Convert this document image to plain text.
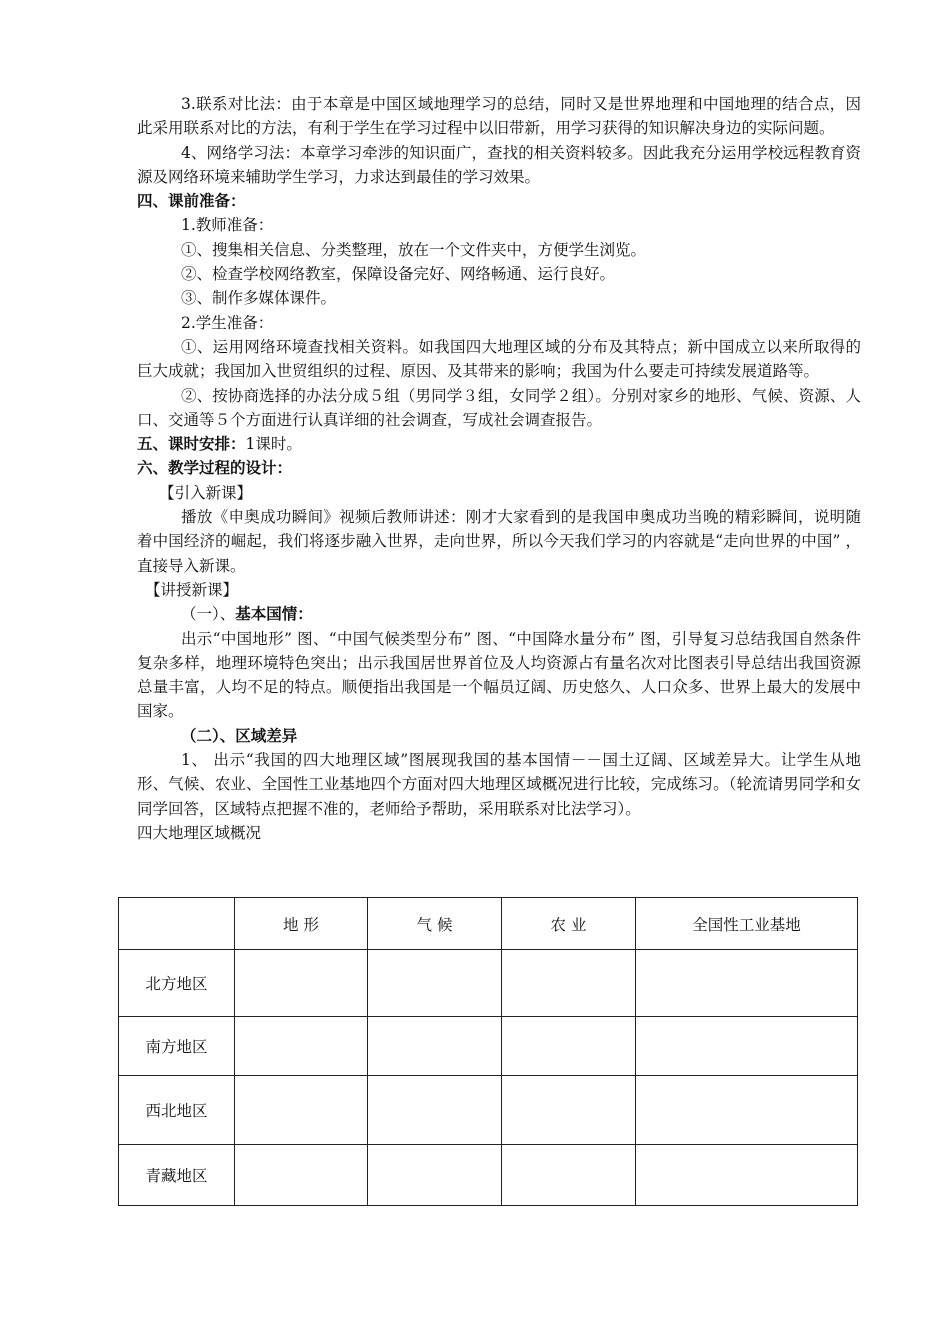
3.联系对比法：由于本章是中国区域地理学习的总结，同时又是世界地理和中国地理的结合点，因此采用联系对比的方法，有利于学生在学习过程中以旧带新，用学习获得的知识解决身边的实际问题。

4、网络学习法：本章学习牵涉的知识面广，查找的相关资料较多。因此我充分运用学校远程教育资源及网络环境来辅助学生学习，力求达到最佳的学习效果。

四、课前准备：

1.教师准备：

①、搜集相关信息、分类整理，放在一个文件夹中，方便学生浏览。

②、检查学校网络教室，保障设备完好、网络畅通、运行良好。

③、制作多媒体课件。

2.学生准备：

①、运用网络环境查找相关资料。如我国四大地理区域的分布及其特点；新中国成立以来所取得的巨大成就；我国加入世贸组织的过程、原因、及其带来的影响；我国为什么要走可持续发展道路等。

②、按协商选择的办法分成５组（男同学３组，女同学２组）。分别对家乡的地形、气候、资源、人口、交通等５个方面进行认真详细的社会调查，写成社会调查报告。

五、课时安排：1课时。

六、教学过程的设计：

【引入新课】

播放《申奥成功瞬间》视频后教师讲述：刚才大家看到的是我国申奥成功当晚的精彩瞬间，说明随着中国经济的崛起，我们将逐步融入世界，走向世界，所以今天我们学习的内容就是“走向世界的中国” ，直接导入新课。

【讲授新课】

（一）、基本国情：

出示“中国地形” 图、“中国气候类型分布” 图、“中国降水量分布” 图，引导复习总结我国自然条件复杂多样，地理环境特色突出；出示我国居世界首位及人均资源占有量名次对比图表引导总结出我国资源总量丰富，人均不足的特点。顺便指出我国是一个幅员辽阔、历史悠久、人口众多、世界上最大的发展中国家。

（二）、区域差异

1、 出示“我国的四大地理区域”图展现我国的基本国情－－国土辽阔、区域差异大。让学生从地形、气候、农业、全国性工业基地四个方面对四大地理区域概况进行比较，完成练习。（轮流请男同学和女同学回答，区域特点把握不准的，老师给予帮助，采用联系对比法学习）。

四大地理区域概况

	地 形	气 候	农 业	全国性工业基地
北方地区				
南方地区				
西北地区				
青藏地区				
